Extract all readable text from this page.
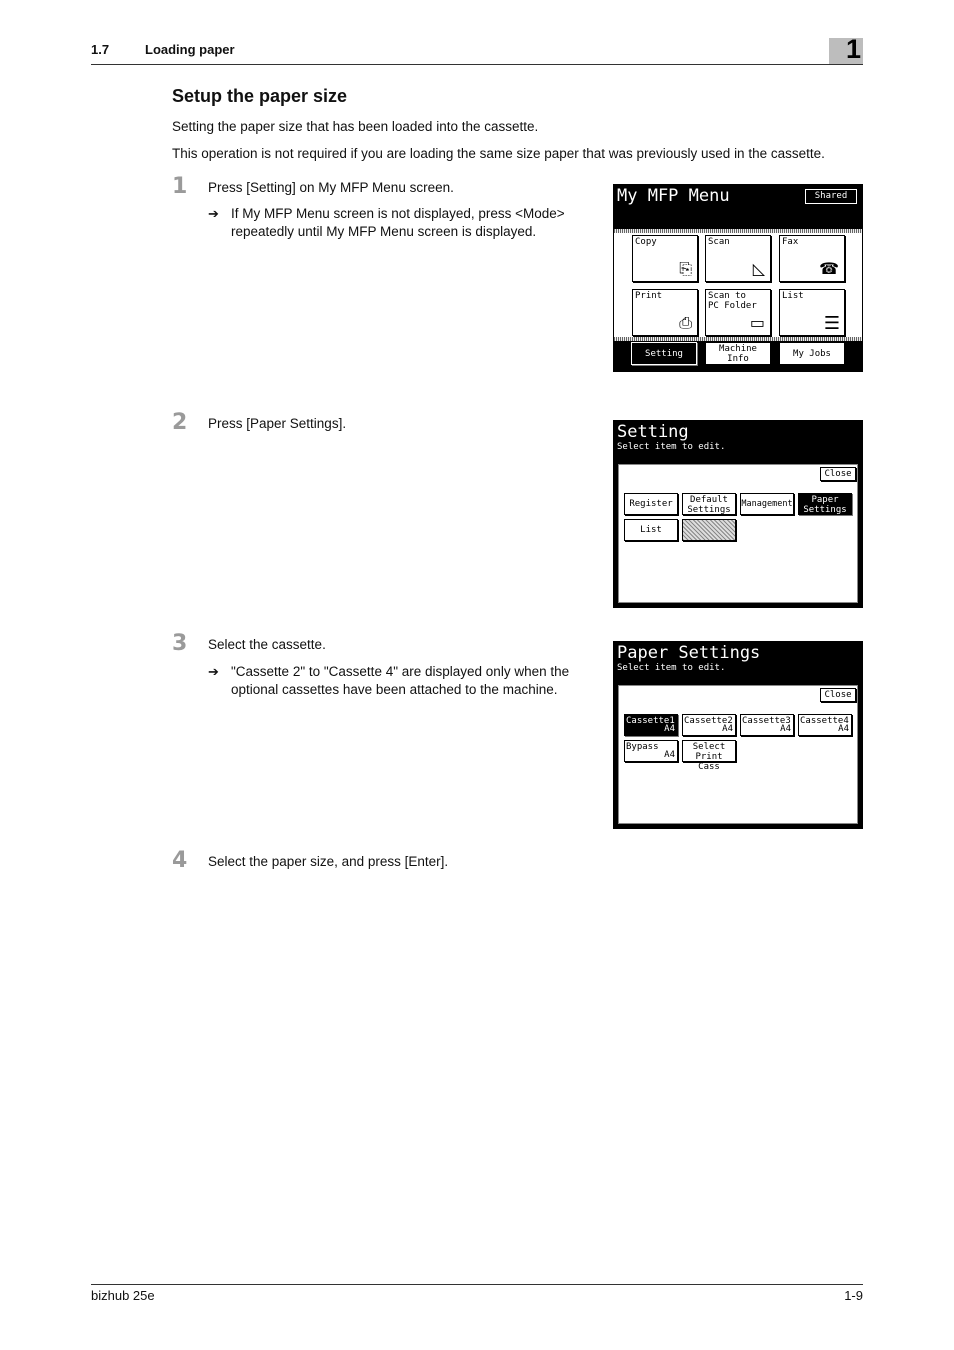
1.7	Loading paper	1
Setup the paper size
Setting the paper size that has been loaded into the cassette.
This operation is not required if you are loading the same size paper that was previously used in the cassette.
1 Press [Setting] on My MFP Menu screen.
➔ If My MFP Menu screen is not displayed, press <Mode>
repeatedly until My MFP Menu screen is displayed.
My MFP Menu	Shared
Copy
⎘
Scan
◺
Fax
☎
Print
⎙
Scan to
PC Folder
▭
List
☰
Setting	Machine
Info	My Jobs
2 Press [Paper Settings].	Setting
Select item to edit.
Close
Register	Default
Settings
Management	Paper
Settings
List
3 Select the cassette.
➔ "Cassette 2" to "Cassette 4" are displayed only when the
optional cassettes have been attached to the machine.
Paper Settings
Select item to edit.
Close
Cassette1
A4
Cassette2
A4
Cassette3
A4
Cassette4
A4
Bypass
A4
Select
Print Cass
4 Select the paper size, and press [Enter].
bizhub 25e	1-9
